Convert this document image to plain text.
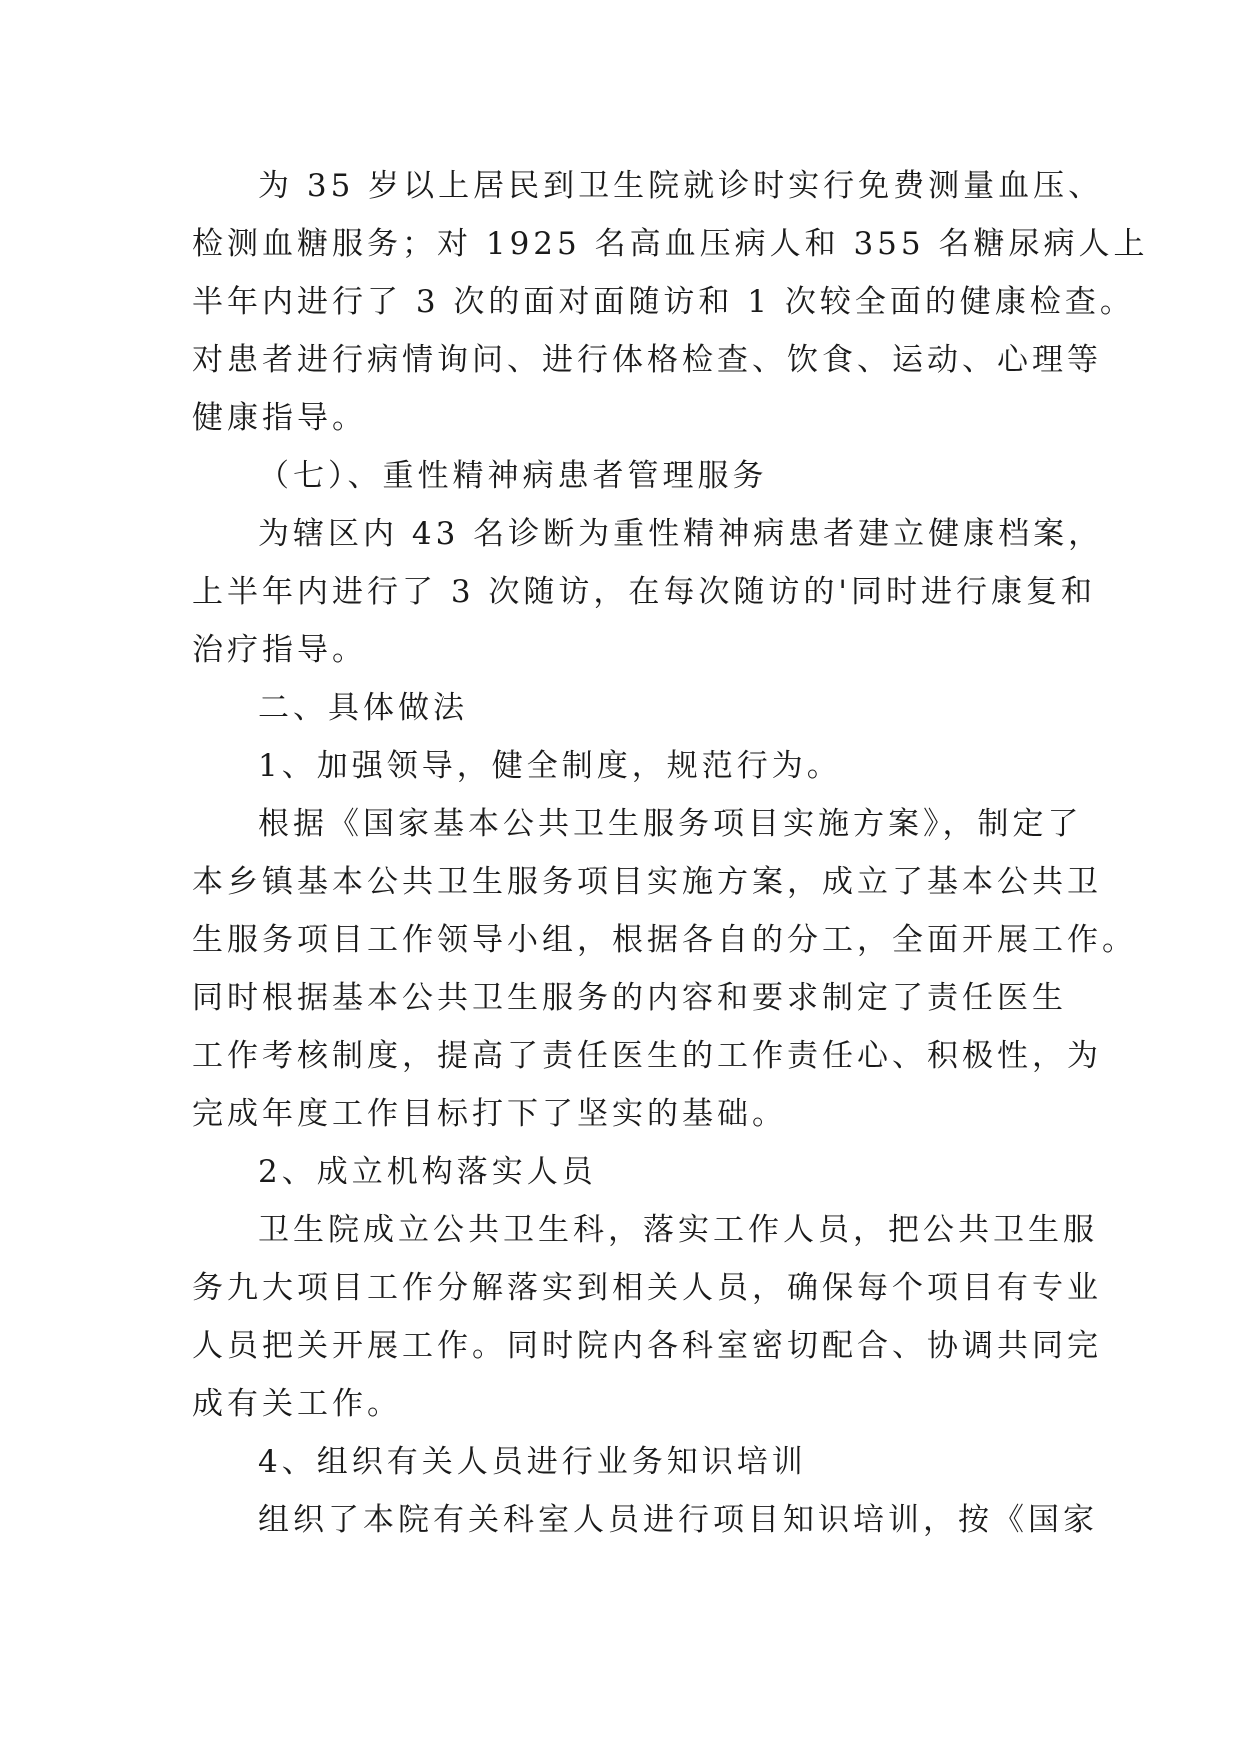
为 35 岁以上居民到卫生院就诊时实行免费测量血压、
检测血糖服务；对 1925 名高血压病人和 355 名糖尿病人上
半年内进行了 3 次的面对面随访和 1 次较全面的健康检查。
对患者进行病情询问、进行体格检查、饮食、运动、心理等
健康指导。
（七）、重性精神病患者管理服务
为辖区内 43 名诊断为重性精神病患者建立健康档案，
上半年内进行了 3 次随访，在每次随访的'同时进行康复和
治疗指导。
二、具体做法
1、加强领导，健全制度，规范行为。
根据《国家基本公共卫生服务项目实施方案》，制定了
本乡镇基本公共卫生服务项目实施方案，成立了基本公共卫
生服务项目工作领导小组，根据各自的分工，全面开展工作。
同时根据基本公共卫生服务的内容和要求制定了责任医生
工作考核制度，提高了责任医生的工作责任心、积极性，为
完成年度工作目标打下了坚实的基础。
2、成立机构落实人员
卫生院成立公共卫生科，落实工作人员，把公共卫生服
务九大项目工作分解落实到相关人员，确保每个项目有专业
人员把关开展工作。同时院内各科室密切配合、协调共同完
成有关工作。
4、组织有关人员进行业务知识培训
组织了本院有关科室人员进行项目知识培训，按《国家
